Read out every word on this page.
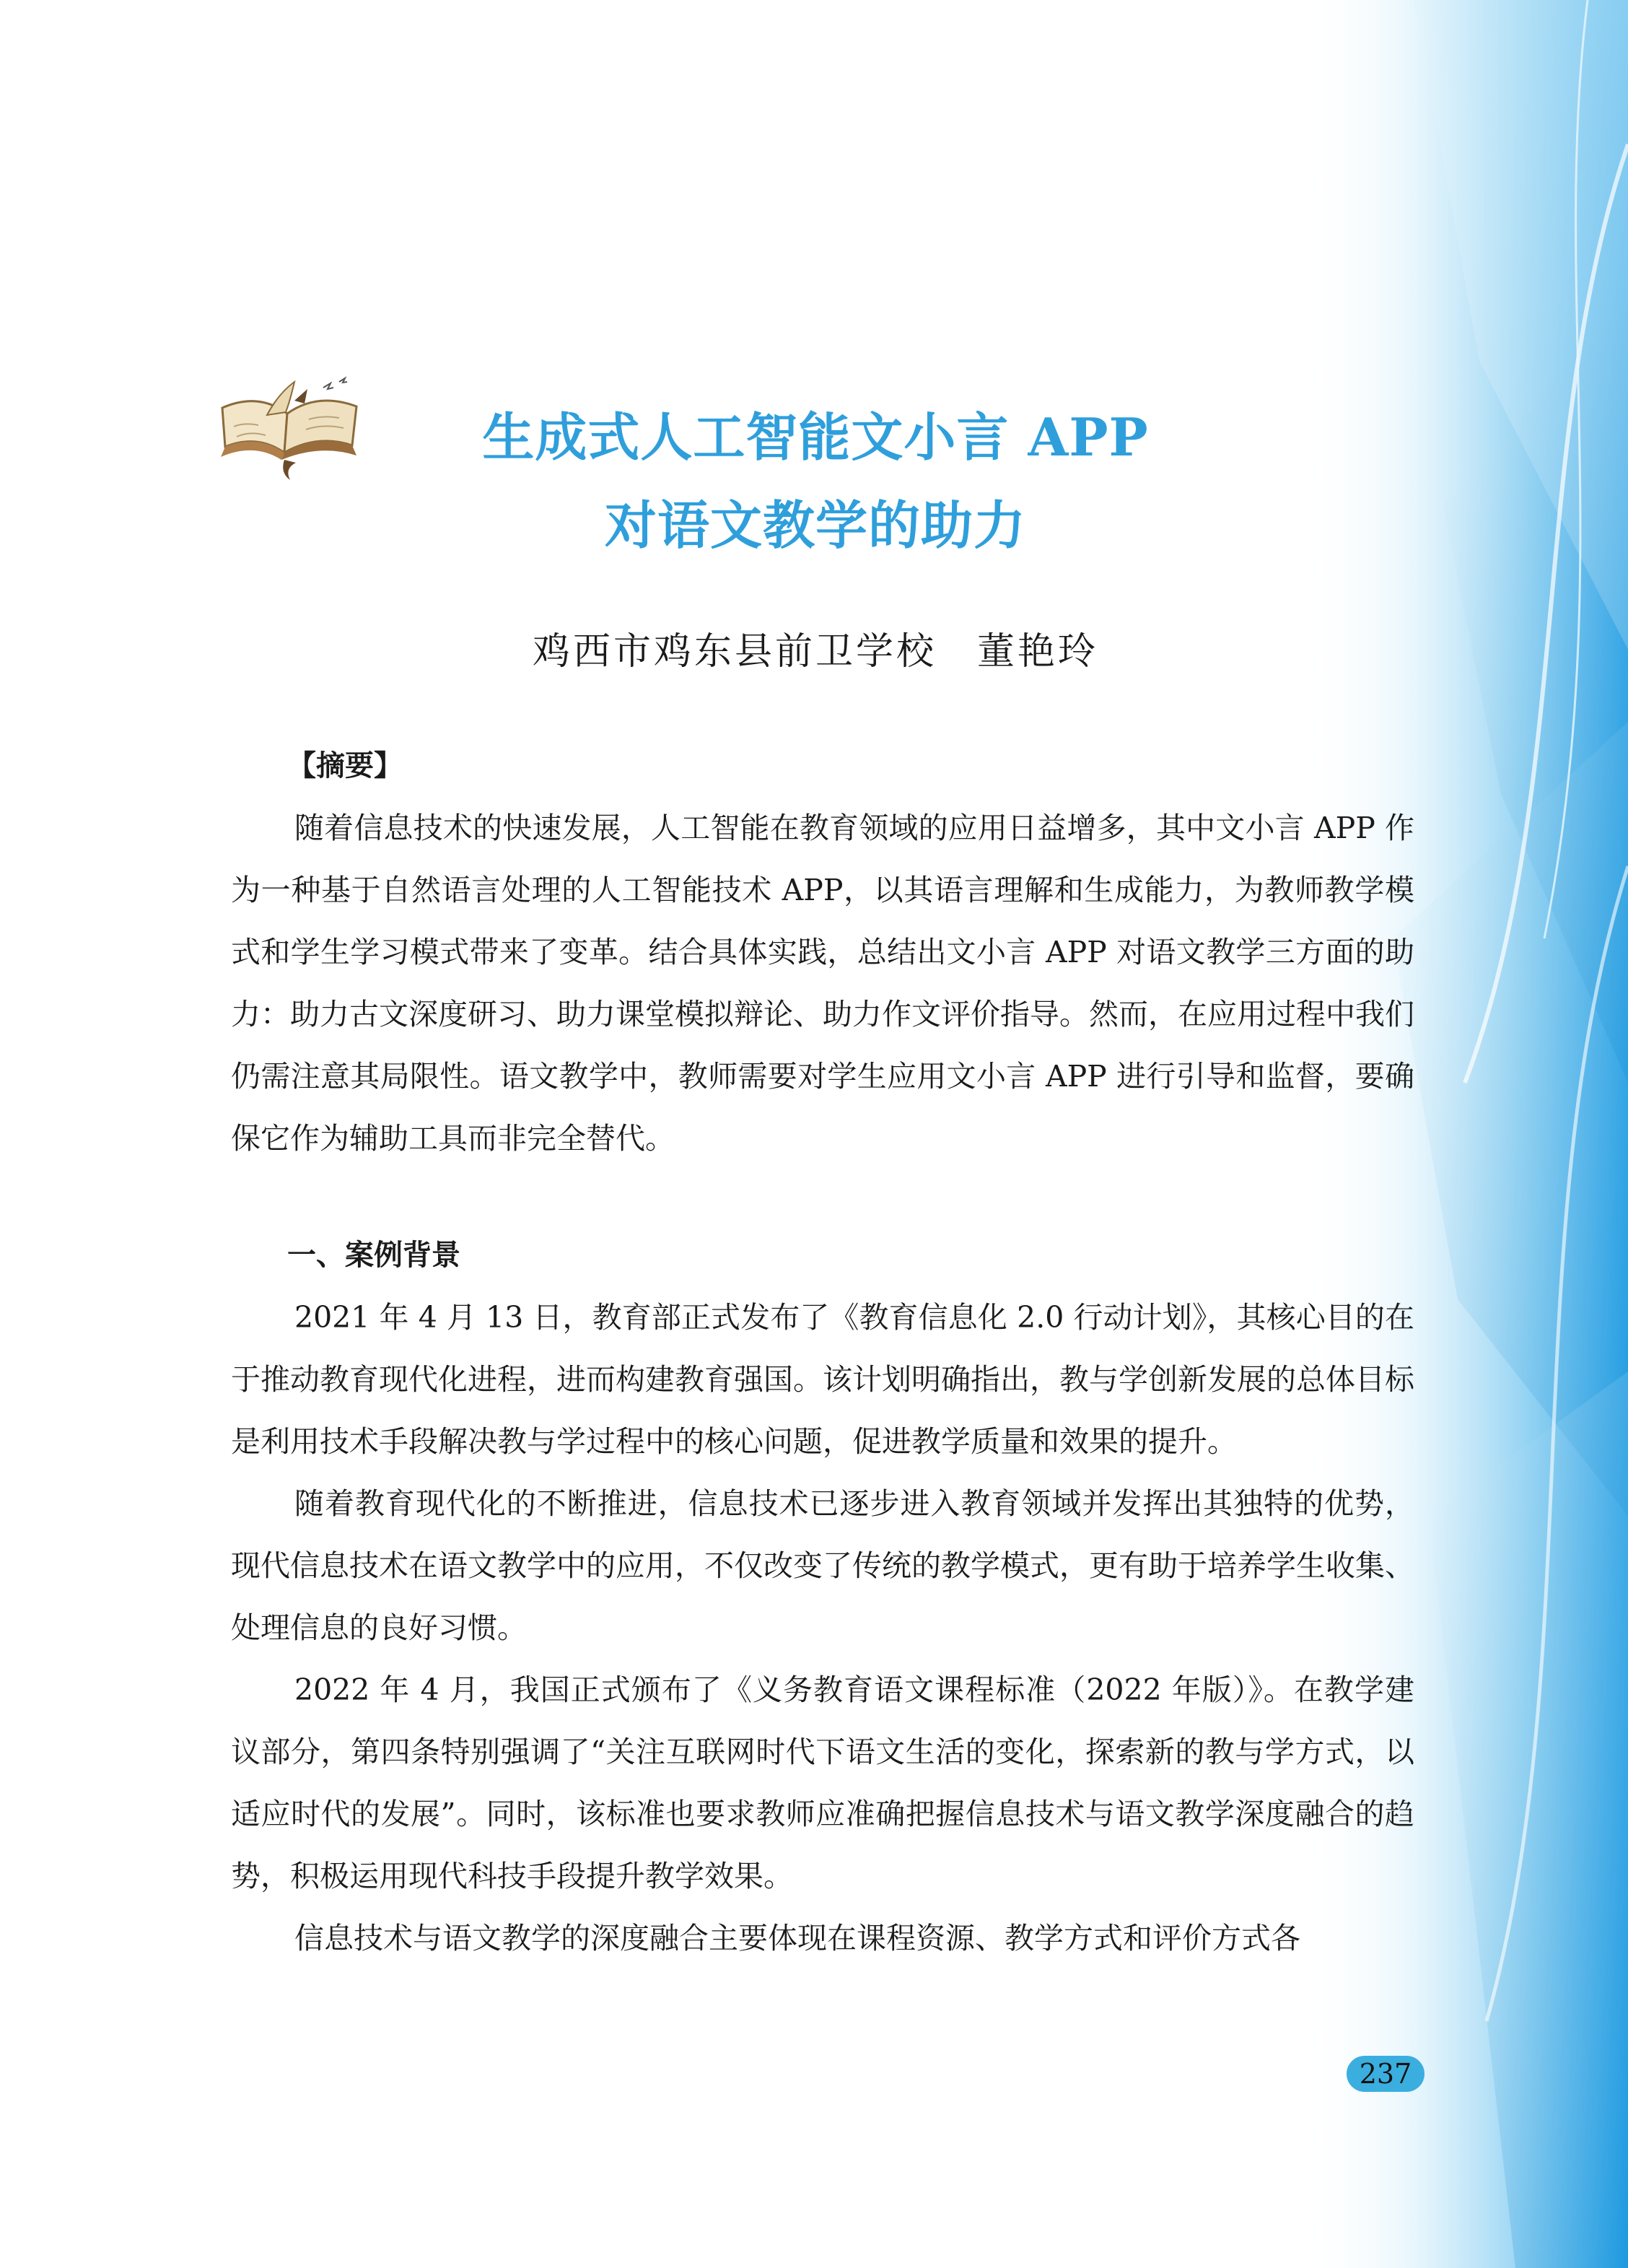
生成式人工智能文小言 APP
对语文教学的助力
鸡西市鸡东县前卫学校 董艳玲

【摘要】

随着信息技术的快速发展，人工智能在教育领域的应用日益增多，其中文小言 APP 作为一种基于自然语言处理的人工智能技术 APP，以其语言理解和生成能力，为教师教学模式和学生学习模式带来了变革。结合具体实践，总结出文小言 APP 对语文教学三方面的助力：助力古文深度研习、助力课堂模拟辩论、助力作文评价指导。然而，在应用过程中我们仍需注意其局限性。语文教学中，教师需要对学生应用文小言 APP 进行引导和监督，要确保它作为辅助工具而非完全替代。

一、案例背景

2021 年 4 月 13 日，教育部正式发布了《教育信息化 2.0 行动计划》，其核心目的在于推动教育现代化进程，进而构建教育强国。该计划明确指出，教与学创新发展的总体目标是利用技术手段解决教与学过程中的核心问题，促进教学质量和效果的提升。

随着教育现代化的不断推进，信息技术已逐步进入教育领域并发挥出其独特的优势，现代信息技术在语文教学中的应用，不仅改变了传统的教学模式，更有助于培养学生收集、处理信息的良好习惯。

2022 年 4 月，我国正式颁布了《义务教育语文课程标准（2022 年版）》。在教学建议部分，第四条特别强调了“关注互联网时代下语文生活的变化，探索新的教与学方式，以适应时代的发展”。同时，该标准也要求教师应准确把握信息技术与语文教学深度融合的趋势，积极运用现代科技手段提升教学效果。

信息技术与语文教学的深度融合主要体现在课程资源、教学方式和评价方式各

237
